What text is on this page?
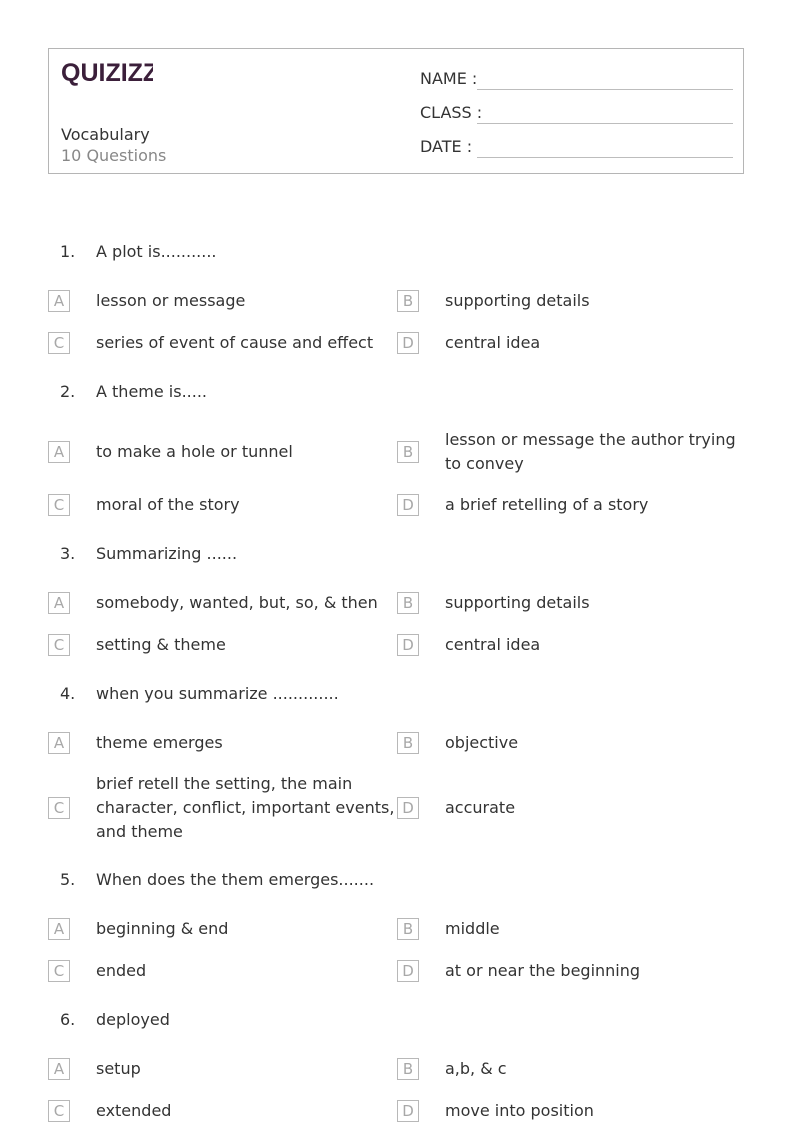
QUIZIZZ
Vocabulary
10 Questions
NAME :
CLASS :
DATE :
1. A plot is...........
A	lesson or message	B	supporting details
C	series of event of cause and effect	D	central idea
2. A theme is.....
A	to make a hole or tunnel	B
lesson or message the author trying to convey
C	moral of the story	D	a brief retelling of a story
3. Summarizing ......
A	somebody, wanted, but, so, & then	B	supporting details
C	setting & theme	D	central idea
4. when you summarize .............
A	theme emerges	B	objective
C
brief retell the setting, the main character, conflict, important events, and theme
D	accurate
5. When does the them emerges.......
A	beginning & end	B	middle
C	ended	D	at or near the beginning
6. deployed
A	setup	B	a,b, & c
C	extended	D	move into position
